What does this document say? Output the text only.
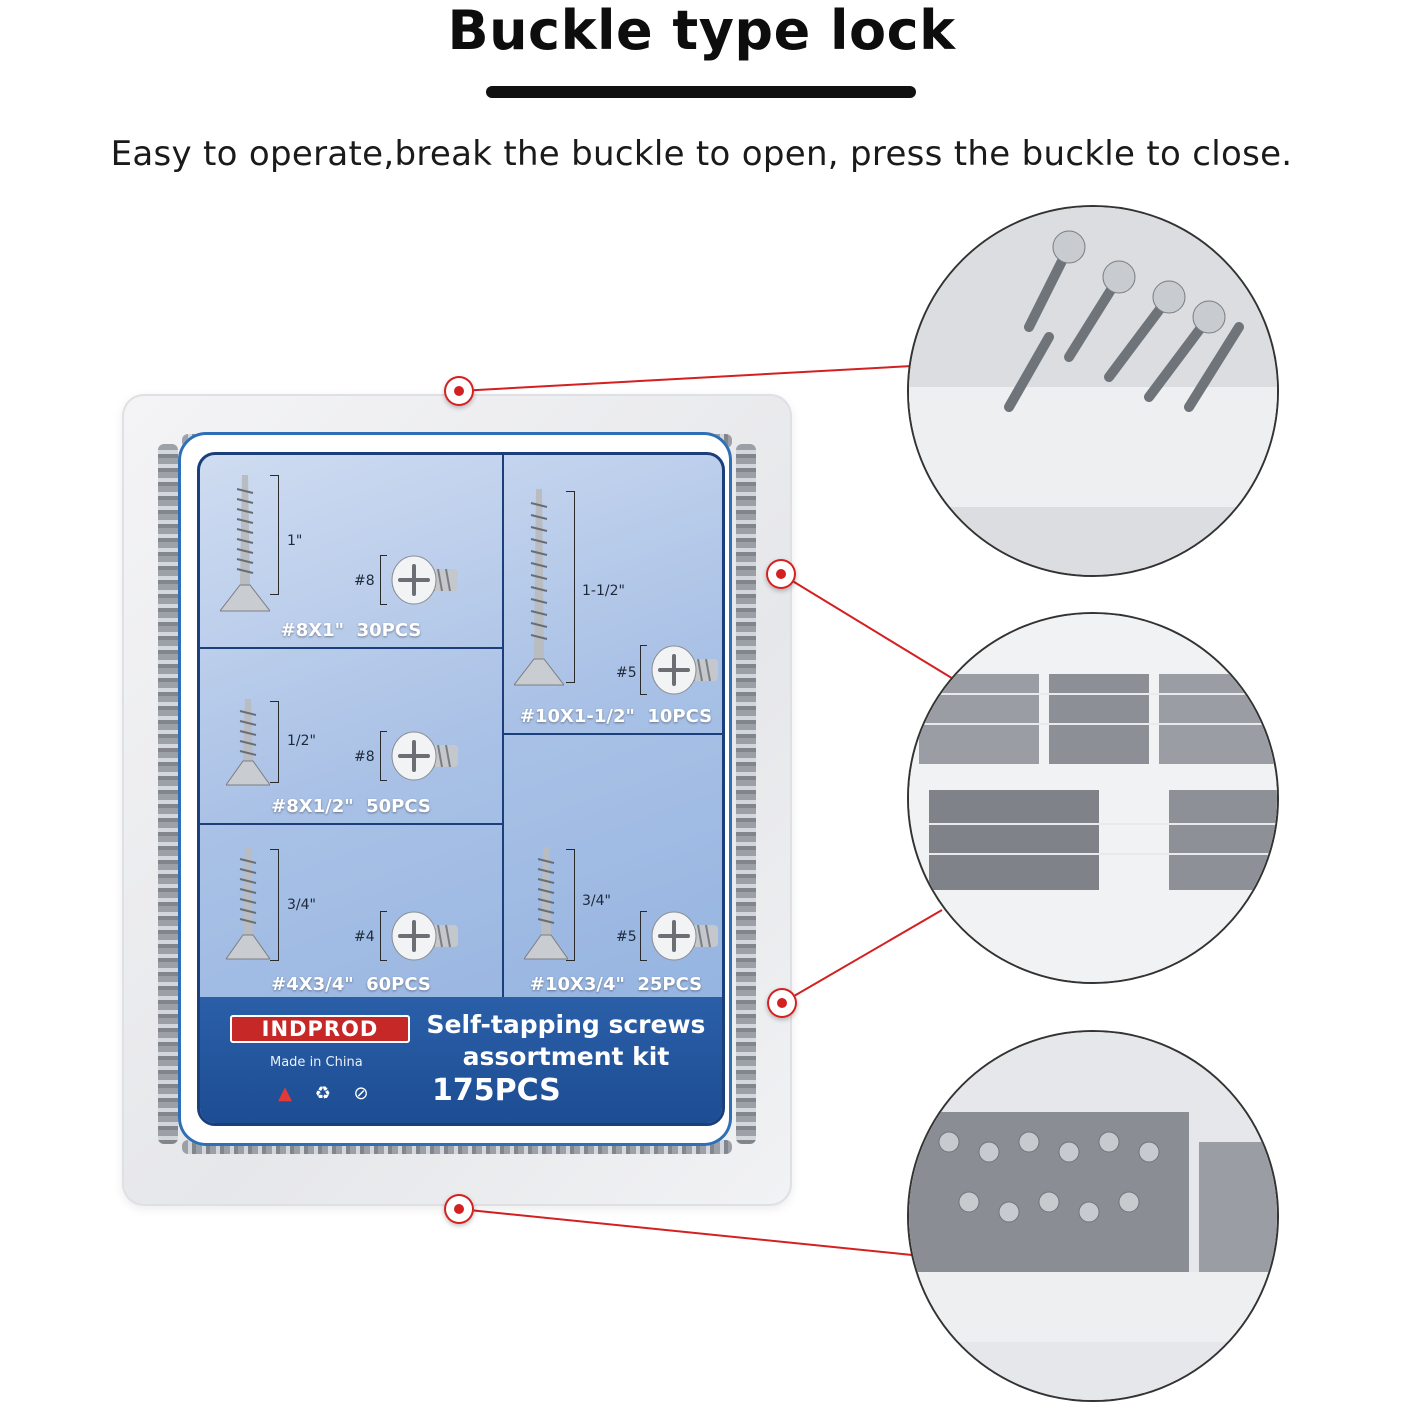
Buckle type lock
Easy to operate,break the buckle to open, press the buckle to close.
1"
#8
#8X1"  30PCS
1-1/2"
#5
#10X1-1/2"  10PCS
1/2"
#8
#8X1/2"  50PCS
3/4"
#4
#4X3/4"  60PCS
3/4"
#5
#10X3/4"  25PCS
INDPROD
Made in China
▲ ♻ ⊘
Self-tapping screws
assortment kit
175PCS
